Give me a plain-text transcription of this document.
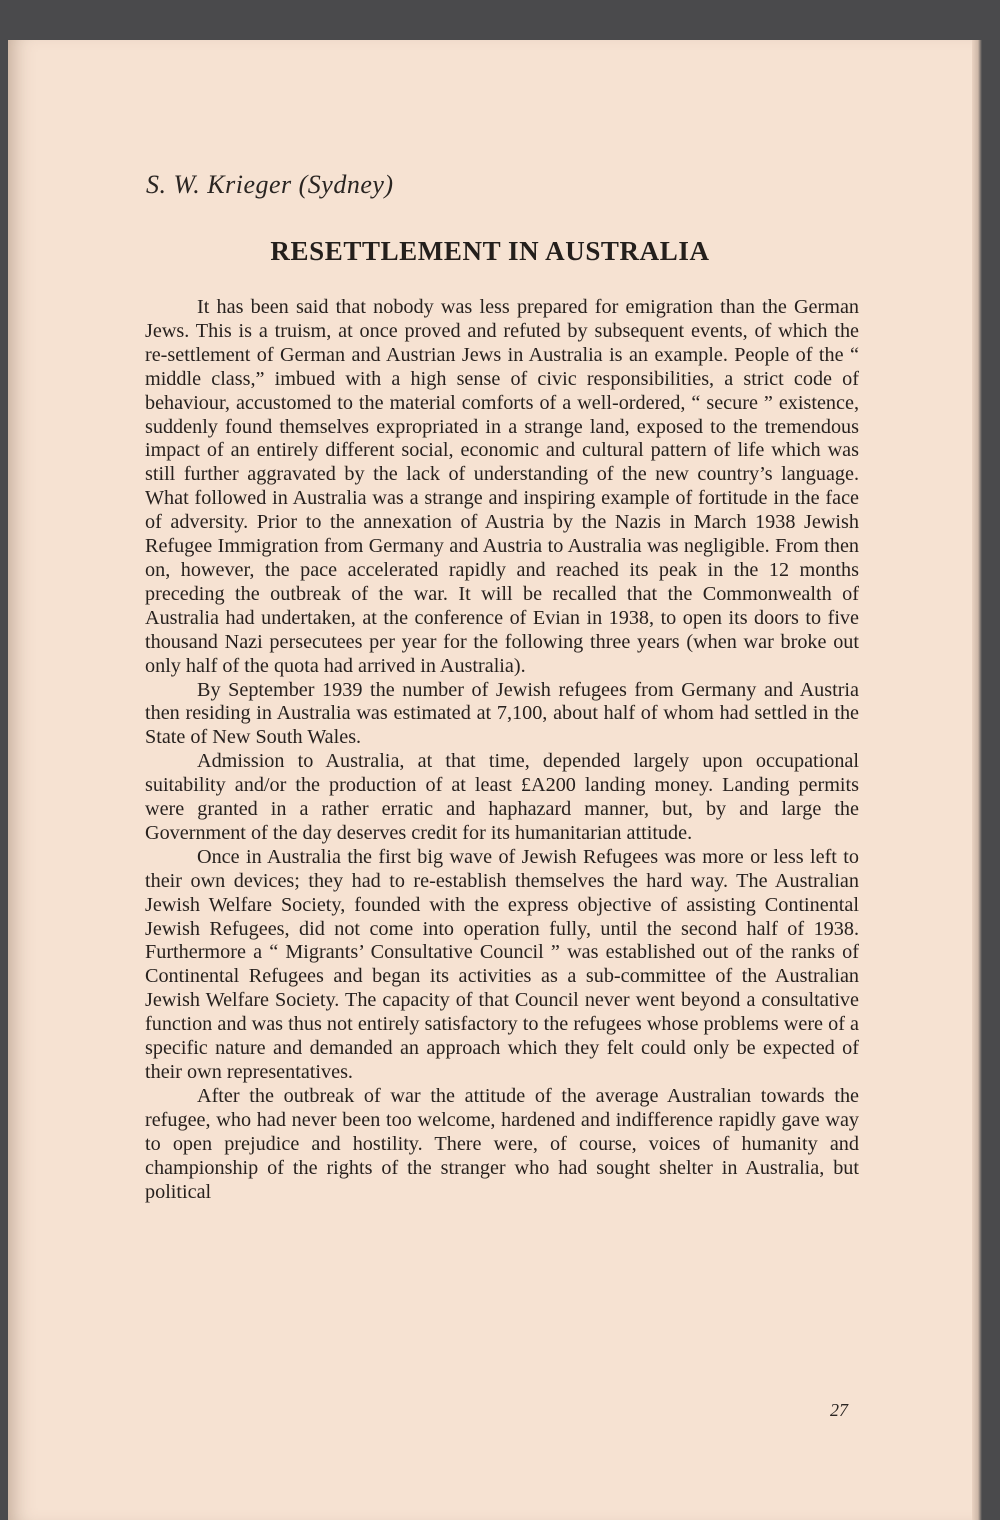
S. W. Krieger (Sydney)
RESETTLEMENT IN AUSTRALIA

It has been said that nobody was less prepared for emigration than the German Jews. This is a truism, at once proved and refuted by subsequent events, of which the re-settlement of German and Austrian Jews in Australia is an example. People of the “ middle class,” imbued with a high sense of civic responsibilities, a strict code of behaviour, accustomed to the material comforts of a well-ordered, “ secure ” existence, suddenly found themselves expropriated in a strange land, exposed to the tremendous impact of an entirely different social, economic and cultural pattern of life which was still further aggravated by the lack of understanding of the new country’s language. What followed in Australia was a strange and inspiring example of fortitude in the face of adversity. Prior to the annexation of Austria by the Nazis in March 1938 Jewish Refugee Immigration from Germany and Austria to Australia was negligible. From then on, however, the pace accelerated rapidly and reached its peak in the 12 months preceding the outbreak of the war. It will be recalled that the Commonwealth of Australia had undertaken, at the conference of Evian in 1938, to open its doors to five thousand Nazi persecutees per year for the following three years (when war broke out only half of the quota had arrived in Australia).

By September 1939 the number of Jewish refugees from Germany and Austria then residing in Australia was estimated at 7,100, about half of whom had settled in the State of New South Wales.

Admission to Australia, at that time, depended largely upon occupational suitability and/or the production of at least £A200 landing money. Landing permits were granted in a rather erratic and haphazard manner, but, by and large the Government of the day deserves credit for its humanitarian attitude.

Once in Australia the first big wave of Jewish Refugees was more or less left to their own devices; they had to re-establish themselves the hard way. The Australian Jewish Welfare Society, founded with the express objective of assisting Continental Jewish Refugees, did not come into operation fully, until the second half of 1938. Furthermore a “ Migrants’ Consultative Council ” was established out of the ranks of Continental Refugees and began its activities as a sub-committee of the Australian Jewish Welfare Society. The capacity of that Council never went beyond a consultative function and was thus not entirely satisfactory to the refugees whose problems were of a specific nature and demanded an approach which they felt could only be expected of their own representatives.

After the outbreak of war the attitude of the average Australian towards the refugee, who had never been too welcome, hardened and indifference rapidly gave way to open prejudice and hostility. There were, of course, voices of humanity and championship of the rights of the stranger who had sought shelter in Australia, but political

27
